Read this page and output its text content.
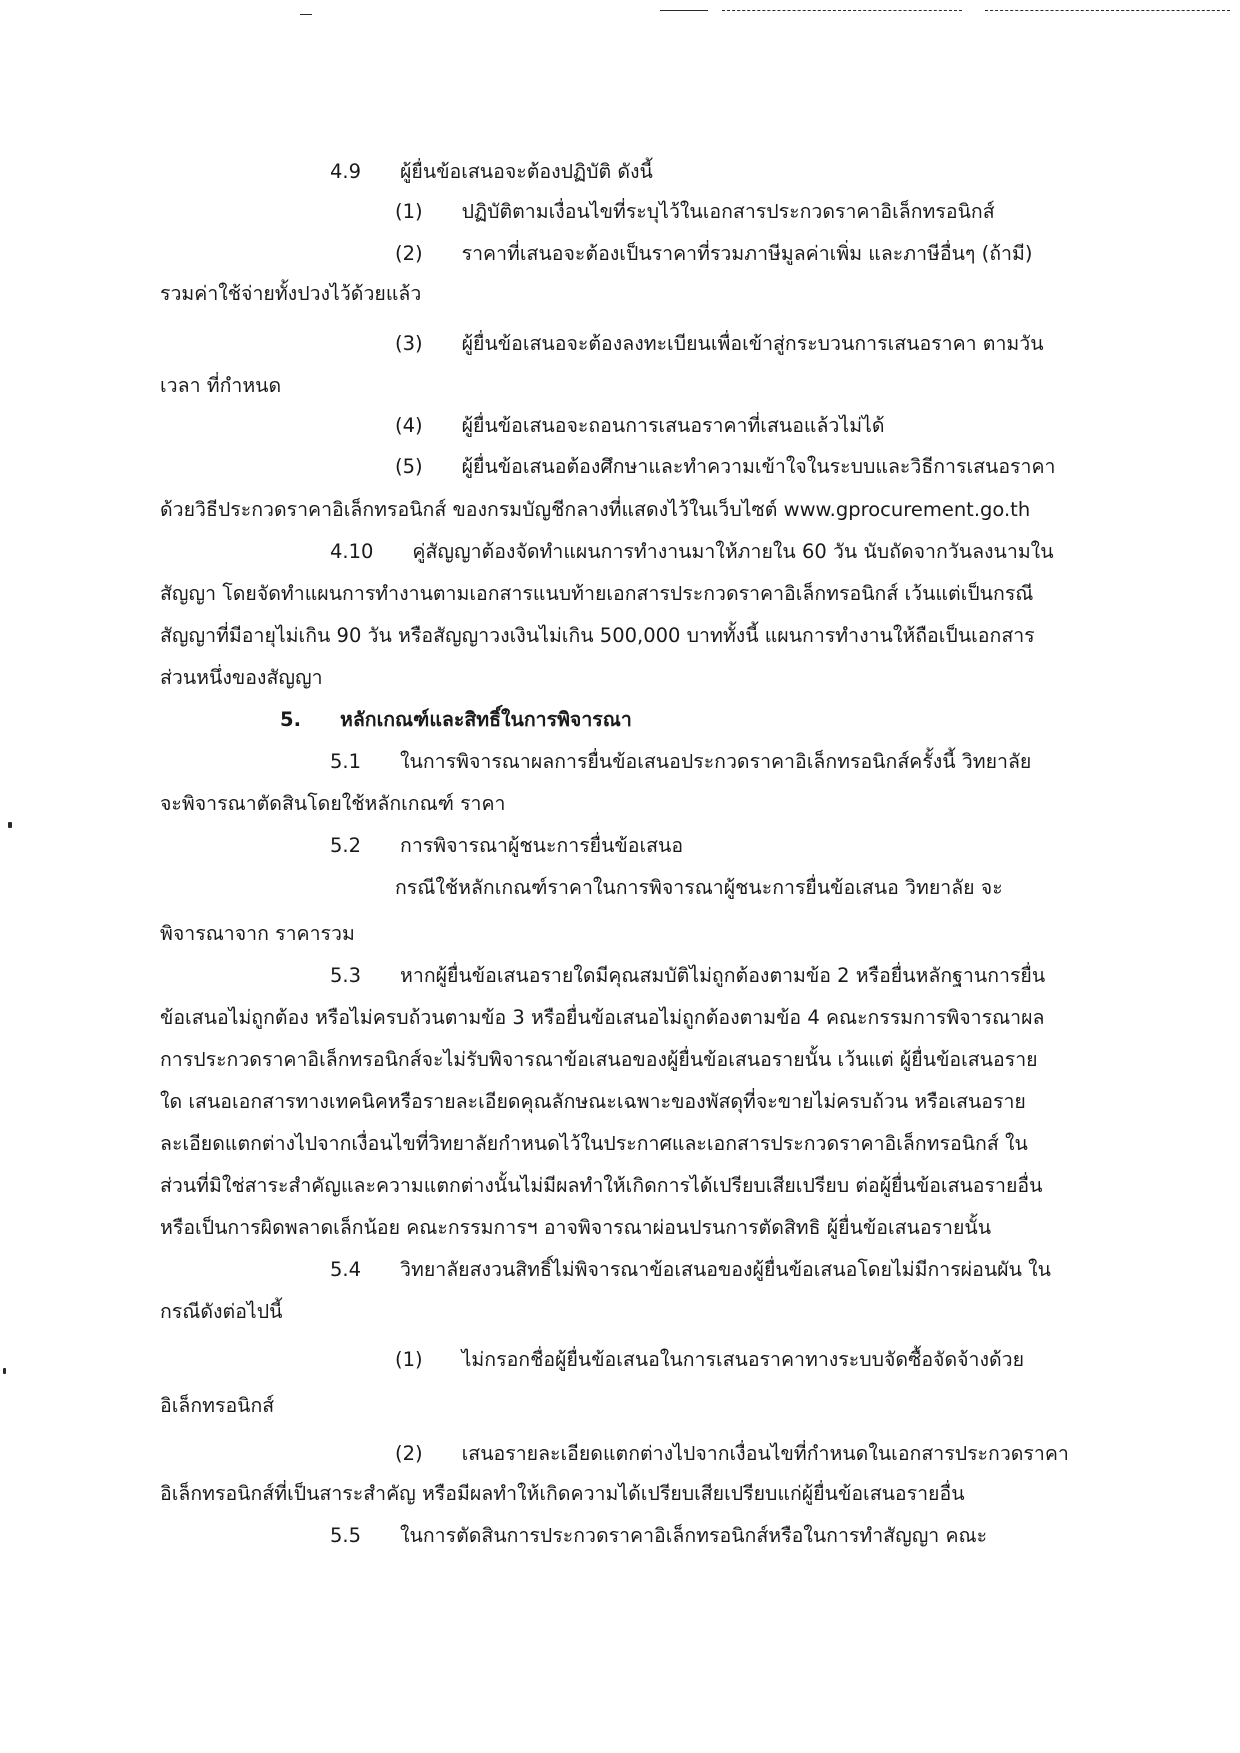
4.9  ผู้ยื่นข้อเสนอจะต้องปฏิบัติ ดังนี้
(1)  ปฏิบัติตามเงื่อนไขที่ระบุไว้ในเอกสารประกวดราคาอิเล็กทรอนิกส์
(2)  ราคาที่เสนอจะต้องเป็นราคาที่รวมภาษีมูลค่าเพิ่ม และภาษีอื่นๆ (ถ้ามี)
รวมค่าใช้จ่ายทั้งปวงไว้ด้วยแล้ว
(3)  ผู้ยื่นข้อเสนอจะต้องลงทะเบียนเพื่อเข้าสู่กระบวนการเสนอราคา ตามวัน
เวลา ที่กำหนด
(4)  ผู้ยื่นข้อเสนอจะถอนการเสนอราคาที่เสนอแล้วไม่ได้
(5)  ผู้ยื่นข้อเสนอต้องศึกษาและทำความเข้าใจในระบบและวิธีการเสนอราคา
ด้วยวิธีประกวดราคาอิเล็กทรอนิกส์ ของกรมบัญชีกลางที่แสดงไว้ในเว็บไซต์ www.gprocurement.go.th
4.10  คู่สัญญาต้องจัดทำแผนการทำงานมาให้ภายใน 60 วัน นับถัดจากวันลงนามใน
สัญญา โดยจัดทำแผนการทำงานตามเอกสารแนบท้ายเอกสารประกวดราคาอิเล็กทรอนิกส์ เว้นแต่เป็นกรณี
สัญญาที่มีอายุไม่เกิน 90 วัน หรือสัญญาวงเงินไม่เกิน 500,000 บาททั้งนี้ แผนการทำงานให้ถือเป็นเอกสาร
ส่วนหนึ่งของสัญญา
5.  หลักเกณฑ์และสิทธิ์ในการพิจารณา
5.1  ในการพิจารณาผลการยื่นข้อเสนอประกวดราคาอิเล็กทรอนิกส์ครั้งนี้ วิทยาลัย
จะพิจารณาตัดสินโดยใช้หลักเกณฑ์ ราคา
5.2  การพิจารณาผู้ชนะการยื่นข้อเสนอ
กรณีใช้หลักเกณฑ์ราคาในการพิจารณาผู้ชนะการยื่นข้อเสนอ วิทยาลัย จะ
พิจารณาจาก ราคารวม
5.3  หากผู้ยื่นข้อเสนอรายใดมีคุณสมบัติไม่ถูกต้องตามข้อ 2 หรือยื่นหลักฐานการยื่น
ข้อเสนอไม่ถูกต้อง หรือไม่ครบถ้วนตามข้อ 3 หรือยื่นข้อเสนอไม่ถูกต้องตามข้อ 4 คณะกรรมการพิจารณาผล
การประกวดราคาอิเล็กทรอนิกส์จะไม่รับพิจารณาข้อเสนอของผู้ยื่นข้อเสนอรายนั้น เว้นแต่ ผู้ยื่นข้อเสนอราย
ใด เสนอเอกสารทางเทคนิคหรือรายละเอียดคุณลักษณะเฉพาะของพัสดุที่จะขายไม่ครบถ้วน หรือเสนอราย
ละเอียดแตกต่างไปจากเงื่อนไขที่วิทยาลัยกำหนดไว้ในประกาศและเอกสารประกวดราคาอิเล็กทรอนิกส์ ใน
ส่วนที่มิใช่สาระสำคัญและความแตกต่างนั้นไม่มีผลทำให้เกิดการได้เปรียบเสียเปรียบ ต่อผู้ยื่นข้อเสนอรายอื่น
หรือเป็นการผิดพลาดเล็กน้อย คณะกรรมการฯ อาจพิจารณาผ่อนปรนการตัดสิทธิ ผู้ยื่นข้อเสนอรายนั้น
5.4  วิทยาลัยสงวนสิทธิ์ไม่พิจารณาข้อเสนอของผู้ยื่นข้อเสนอโดยไม่มีการผ่อนผัน ใน
กรณีดังต่อไปนี้
(1)  ไม่กรอกชื่อผู้ยื่นข้อเสนอในการเสนอราคาทางระบบจัดซื้อจัดจ้างด้วย
อิเล็กทรอนิกส์
(2)  เสนอรายละเอียดแตกต่างไปจากเงื่อนไขที่กำหนดในเอกสารประกวดราคา
อิเล็กทรอนิกส์ที่เป็นสาระสำคัญ หรือมีผลทำให้เกิดความได้เปรียบเสียเปรียบแก่ผู้ยื่นข้อเสนอรายอื่น
5.5  ในการตัดสินการประกวดราคาอิเล็กทรอนิกส์หรือในการทำสัญญา คณะ
